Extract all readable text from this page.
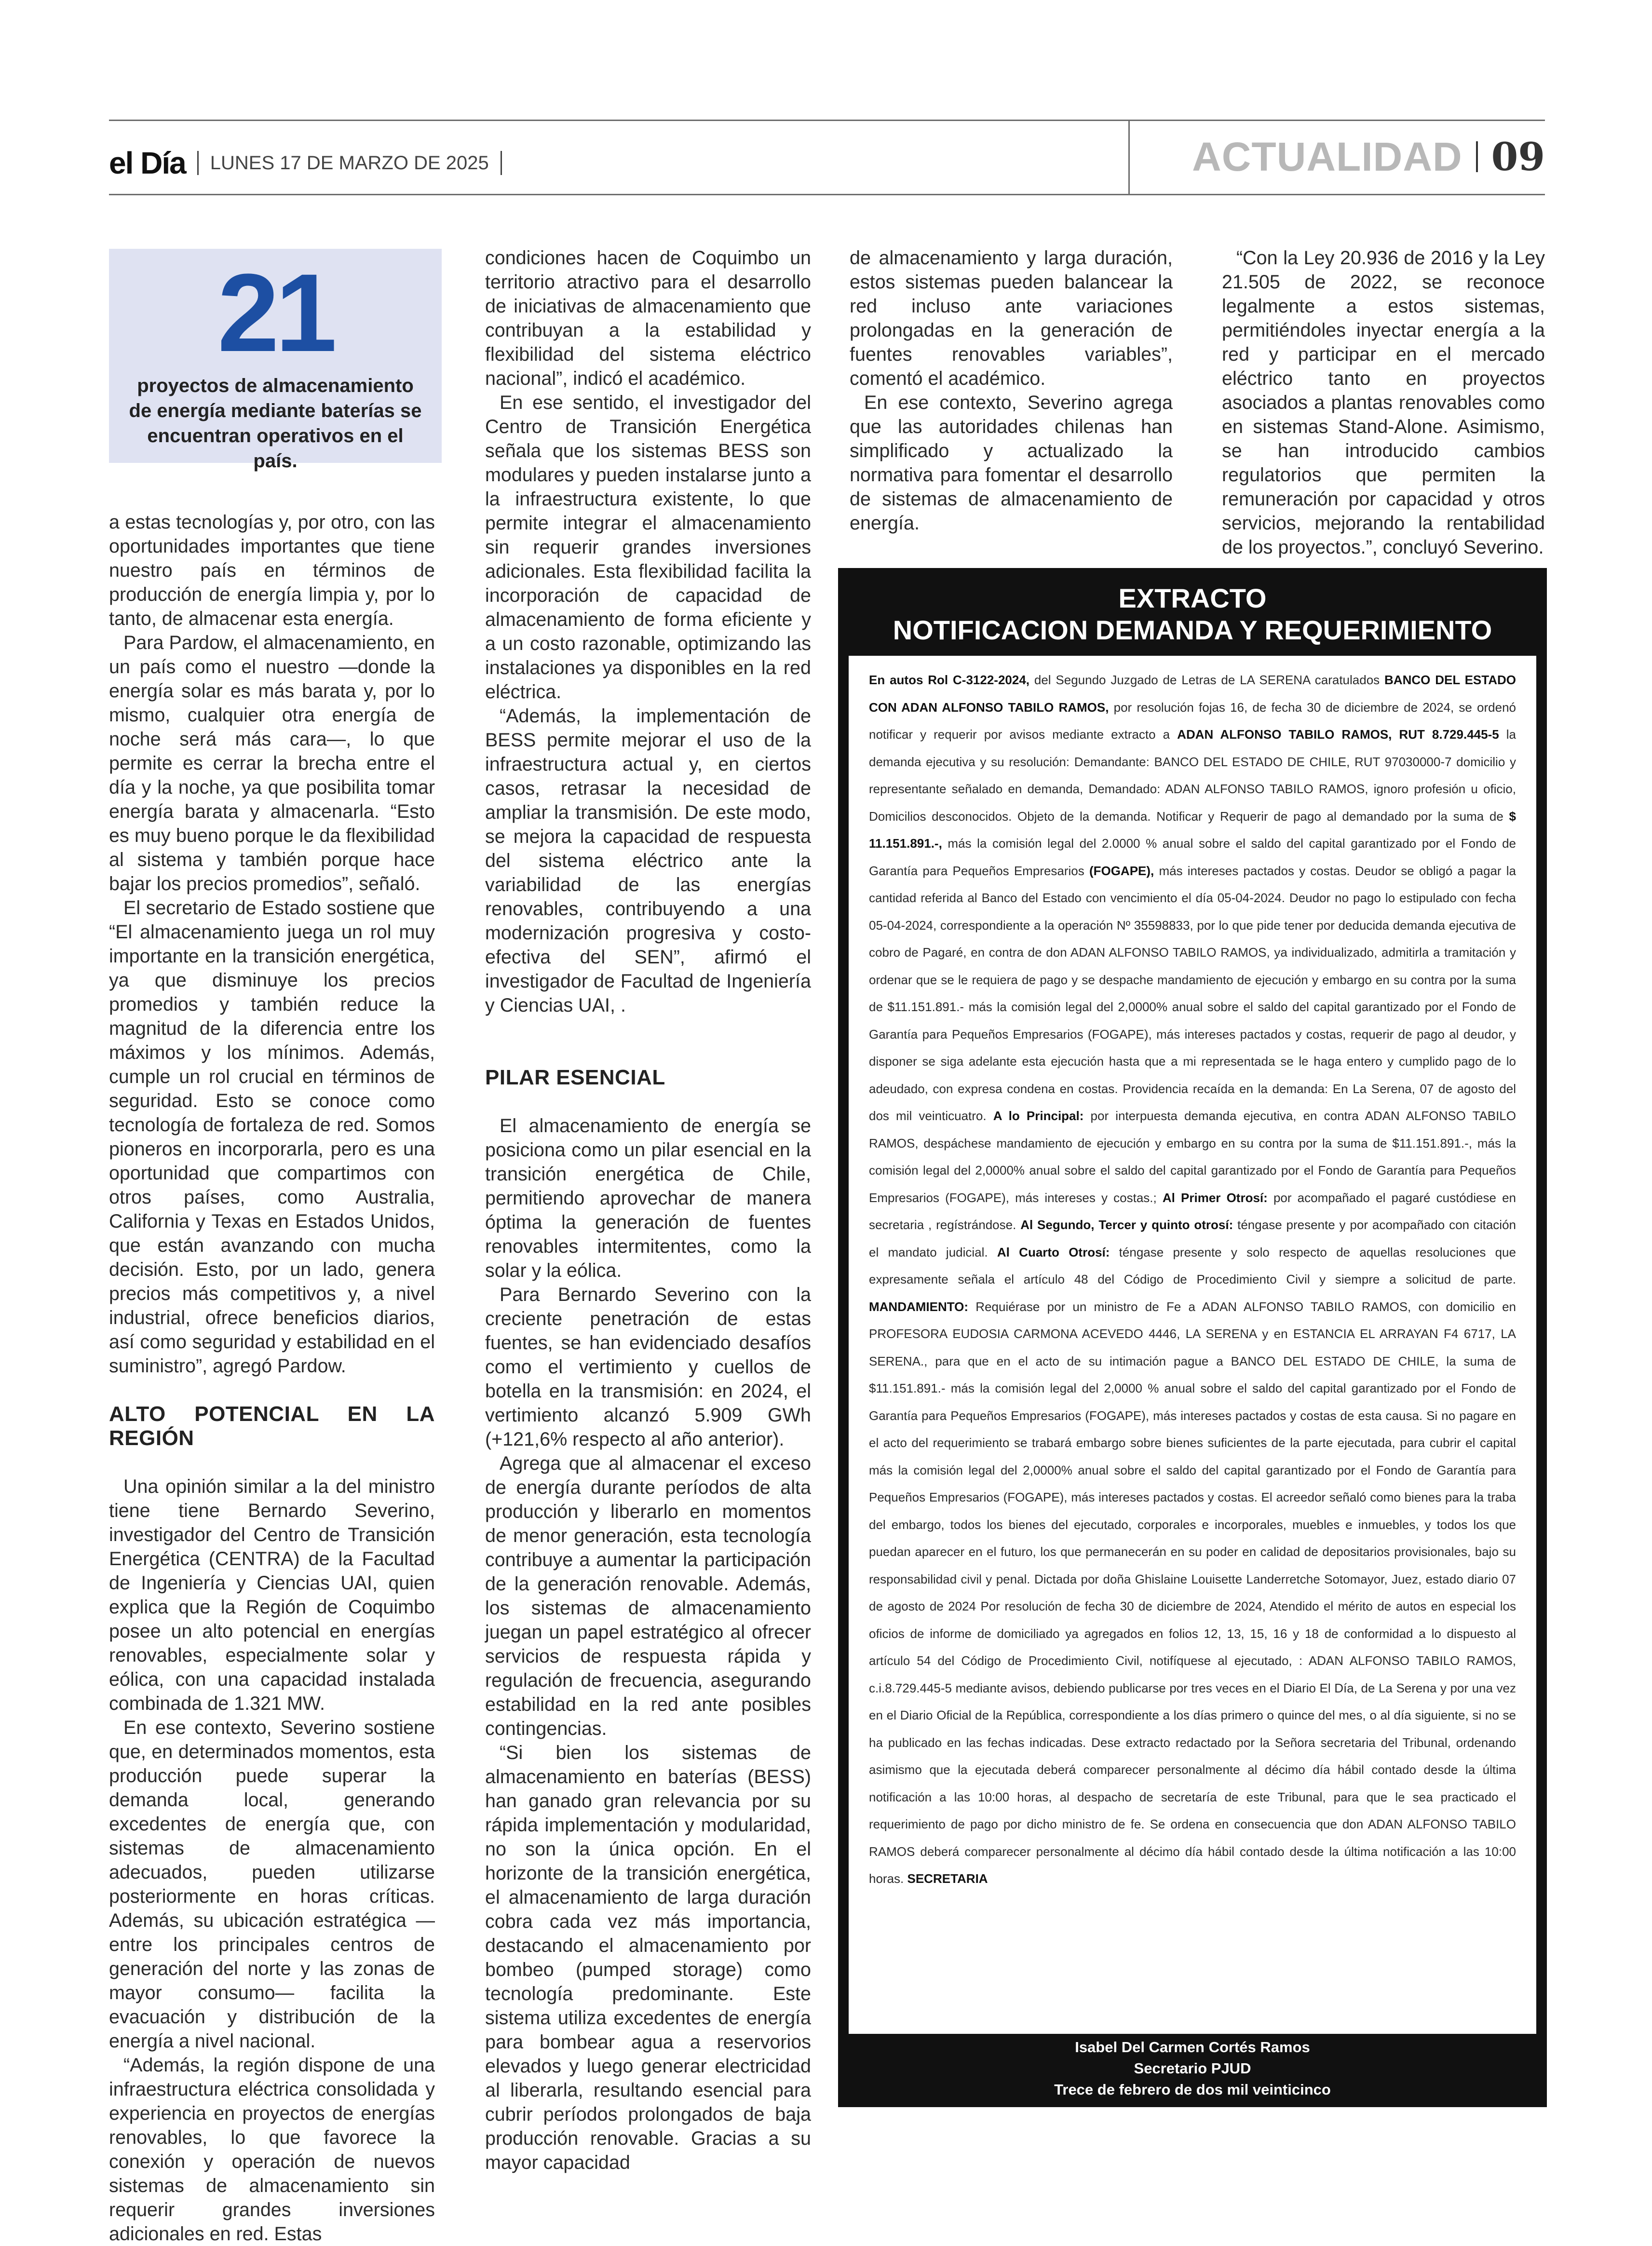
el Día LUNES 17 DE MARZO DE 2025	ACTUALIDAD 09
21
proyectos de almacenamiento de energía mediante baterías se encuentran operativos en el país.

a estas tecnologías y, por otro, con las oportunidades importantes que tiene nuestro país en términos de producción de energía limpia y, por lo tanto, de almacenar esta energía.

Para Pardow, el almacenamiento, en un país como el nuestro —donde la energía solar es más barata y, por lo mismo, cualquier otra energía de noche será más cara—, lo que permite es cerrar la brecha entre el día y la noche, ya que posibilita tomar energía barata y almacenarla. “Esto es muy bueno porque le da flexibilidad al sistema y también porque hace bajar los precios promedios”, señaló.

El secretario de Estado sostiene que “El almacenamiento juega un rol muy importante en la transición energética, ya que disminuye los precios promedios y también reduce la magnitud de la diferencia entre los máximos y los mínimos. Además, cumple un rol crucial en términos de seguridad. Esto se conoce como tecnología de fortaleza de red. Somos pioneros en incorporarla, pero es una oportunidad que compartimos con otros países, como Australia, California y Texas en Estados Unidos, que están avanzando con mucha decisión. Esto, por un lado, genera precios más competitivos y, a nivel industrial, ofrece beneficios diarios, así como seguridad y estabilidad en el suministro”, agregó Pardow.

ALTO POTENCIAL EN LA REGIÓN

Una opinión similar a la del ministro tiene tiene Bernardo Severino, investigador del Centro de Transición Energética (CENTRA) de la Facultad de Ingeniería y Ciencias UAI, quien explica que la Región de Coquimbo posee un alto potencial en energías renovables, especialmente solar y eólica, con una capacidad instalada combinada de 1.321 MW.

En ese contexto, Severino sostiene que, en determinados momentos, esta producción puede superar la demanda local, generando excedentes de energía que, con sistemas de almacenamiento adecuados, pueden utilizarse posteriormente en horas críticas. Además, su ubicación estratégica —entre los principales centros de generación del norte y las zonas de mayor consumo— facilita la evacuación y distribución de la energía a nivel nacional.

“Además, la región dispone de una infraestructura eléctrica consolidada y experiencia en proyectos de energías renovables, lo que favorece la conexión y operación de nuevos sistemas de almacenamiento sin requerir grandes inversiones adicionales en red. Estas

condiciones hacen de Coquimbo un territorio atractivo para el desarrollo de iniciativas de almacenamiento que contribuyan a la estabilidad y flexibilidad del sistema eléctrico nacional”, indicó el académico.

En ese sentido, el investigador del Centro de Transición Energética señala que los sistemas BESS son modulares y pueden instalarse junto a la infraestructura existente, lo que permite integrar el almacenamiento sin requerir grandes inversiones adicionales. Esta flexibilidad facilita la incorporación de capacidad de almacenamiento de forma eficiente y a un costo razonable, optimizando las instalaciones ya disponibles en la red eléctrica.

“Además, la implementación de BESS permite mejorar el uso de la infraestructura actual y, en ciertos casos, retrasar la necesidad de ampliar la transmisión. De este modo, se mejora la capacidad de respuesta del sistema eléctrico ante la variabilidad de las energías renovables, contribuyendo a una modernización progresiva y costo-efectiva del SEN”, afirmó el investigador de Facultad de Ingeniería y Ciencias UAI, .

PILAR ESENCIAL

El almacenamiento de energía se posiciona como un pilar esencial en la transición energética de Chile, permitiendo aprovechar de manera óptima la generación de fuentes renovables intermitentes, como la solar y la eólica.

Para Bernardo Severino con la creciente penetración de estas fuentes, se han evidenciado desafíos como el vertimiento y cuellos de botella en la transmisión: en 2024, el vertimiento alcanzó 5.909 GWh (+121,6% respecto al año anterior).

Agrega que al almacenar el exceso de energía durante períodos de alta producción y liberarlo en momentos de menor generación, esta tecnología contribuye a aumentar la participación de la generación renovable. Además, los sistemas de almacenamiento juegan un papel estratégico al ofrecer servicios de respuesta rápida y regulación de frecuencia, asegurando estabilidad en la red ante posibles contingencias.

“Si bien los sistemas de almacenamiento en baterías (BESS) han ganado gran relevancia por su rápida implementación y modularidad, no son la única opción. En el horizonte de la transición energética, el almacenamiento de larga duración cobra cada vez más importancia, destacando el almacenamiento por bombeo (pumped storage) como tecnología predominante. Este sistema utiliza excedentes de energía para bombear agua a reservorios elevados y luego generar electricidad al liberarla, resultando esencial para cubrir períodos prolongados de baja producción renovable. Gracias a su mayor capacidad

de almacenamiento y larga duración, estos sistemas pueden balancear la red incluso ante variaciones prolongadas en la generación de fuentes renovables variables”, comentó el académico.

En ese contexto, Severino agrega que las autoridades chilenas han simplificado y actualizado la normativa para fomentar el desarrollo de sistemas de almacenamiento de energía.

“Con la Ley 20.936 de 2016 y la Ley 21.505 de 2022, se reconoce legalmente a estos sistemas, permitiéndoles inyectar energía a la red y participar en el mercado eléctrico tanto en proyectos asociados a plantas renovables como en sistemas Stand-Alone. Asimismo, se han introducido cambios regulatorios que permiten la remuneración por capacidad y otros servicios, mejorando la rentabilidad de los proyectos.”, concluyó Severino.

EXTRACTO
NOTIFICACION DEMANDA Y REQUERIMIENTO
En autos Rol C-3122-2024, del Segundo Juzgado de Letras de LA SERENA caratulados BANCO DEL ESTADO CON ADAN ALFONSO TABILO RAMOS, por resolución fojas 16, de fecha 30 de diciembre de 2024, se ordenó notificar y requerir por avisos mediante extracto a ADAN ALFONSO TABILO RAMOS, RUT 8.729.445-5 la demanda ejecutiva y su resolución: Demandante: BANCO DEL ESTADO DE CHILE, RUT 97030000-7 domicilio y representante señalado en demanda, Demandado: ADAN ALFONSO TABILO RAMOS, ignoro profesión u oficio, Domicilios desconocidos. Objeto de la demanda. Notificar y Requerir de pago al demandado por la suma de $ 11.151.891.-, más la comisión legal del 2.0000 % anual sobre el saldo del capital garantizado por el Fondo de Garantía para Pequeños Empresarios (FOGAPE), más intereses pactados y costas. Deudor se obligó a pagar la cantidad referida al Banco del Estado con vencimiento el día 05-04-2024. Deudor no pago lo estipulado con fecha 05-04-2024, correspondiente a la operación Nº 35598833, por lo que pide tener por deducida demanda ejecutiva de cobro de Pagaré, en contra de don ADAN ALFONSO TABILO RAMOS, ya individualizado, admitirla a tramitación y ordenar que se le requiera de pago y se despache mandamiento de ejecución y embargo en su contra por la suma de $11.151.891.- más la comisión legal del 2,0000% anual sobre el saldo del capital garantizado por el Fondo de Garantía para Pequeños Empresarios (FOGAPE), más intereses pactados y costas, requerir de pago al deudor, y disponer se siga adelante esta ejecución hasta que a mi representada se le haga entero y cumplido pago de lo adeudado, con expresa condena en costas. Providencia recaída en la demanda: En La Serena, 07 de agosto del dos mil veinticuatro. A lo Principal: por interpuesta demanda ejecutiva, en contra ADAN ALFONSO TABILO RAMOS, despáchese mandamiento de ejecución y embargo en su contra por la suma de $11.151.891.-, más la comisión legal del 2,0000% anual sobre el saldo del capital garantizado por el Fondo de Garantía para Pequeños Empresarios (FOGAPE), más intereses y costas.; Al Primer Otrosí: por acompañado el pagaré custódiese en secretaria , regístrándose. Al Segundo, Tercer y quinto otrosí: téngase presente y por acompañado con citación el mandato judicial. Al Cuarto Otrosí: téngase presente y solo respecto de aquellas resoluciones que expresamente señala el artículo 48 del Código de Procedimiento Civil y siempre a solicitud de parte. MANDAMIENTO: Requiérase por un ministro de Fe a ADAN ALFONSO TABILO RAMOS, con domicilio en PROFESORA EUDOSIA CARMONA ACEVEDO 4446, LA SERENA y en ESTANCIA EL ARRAYAN F4 6717, LA SERENA., para que en el acto de su intimación pague a BANCO DEL ESTADO DE CHILE, la suma de $11.151.891.- más la comisión legal del 2,0000 % anual sobre el saldo del capital garantizado por el Fondo de Garantía para Pequeños Empresarios (FOGAPE), más intereses pactados y costas de esta causa. Si no pagare en el acto del requerimiento se trabará embargo sobre bienes suficientes de la parte ejecutada, para cubrir el capital más la comisión legal del 2,0000% anual sobre el saldo del capital garantizado por el Fondo de Garantía para Pequeños Empresarios (FOGAPE), más intereses pactados y costas. El acreedor señaló como bienes para la traba del embargo, todos los bienes del ejecutado, corporales e incorporales, muebles e inmuebles, y todos los que puedan aparecer en el futuro, los que permanecerán en su poder en calidad de depositarios provisionales, bajo su responsabilidad civil y penal. Dictada por doña Ghislaine Louisette Landerretche Sotomayor, Juez, estado diario 07 de agosto de 2024 Por resolución de fecha 30 de diciembre de 2024, Atendido el mérito de autos en especial los oficios de informe de domiciliado ya agregados en folios 12, 13, 15, 16 y 18 de conformidad a lo dispuesto al artículo 54 del Código de Procedimiento Civil, notifíquese al ejecutado, : ADAN ALFONSO TABILO RAMOS, c.i.8.729.445-5 mediante avisos, debiendo publicarse por tres veces en el Diario El Día, de La Serena y por una vez en el Diario Oficial de la República, correspondiente a los días primero o quince del mes, o al día siguiente, si no se ha publicado en las fechas indicadas. Dese extracto redactado por la Señora secretaria del Tribunal, ordenando asimismo que la ejecutada deberá comparecer personalmente al décimo día hábil contado desde la última notificación a las 10:00 horas, al despacho de secretaría de este Tribunal, para que le sea practicado el requerimiento de pago por dicho ministro de fe. Se ordena en consecuencia que don ADAN ALFONSO TABILO RAMOS deberá comparecer personalmente al décimo día hábil contado desde la última notificación a las 10:00 horas. SECRETARIA
Isabel Del Carmen Cortés Ramos
Secretario PJUD
Trece de febrero de dos mil veinticinco
